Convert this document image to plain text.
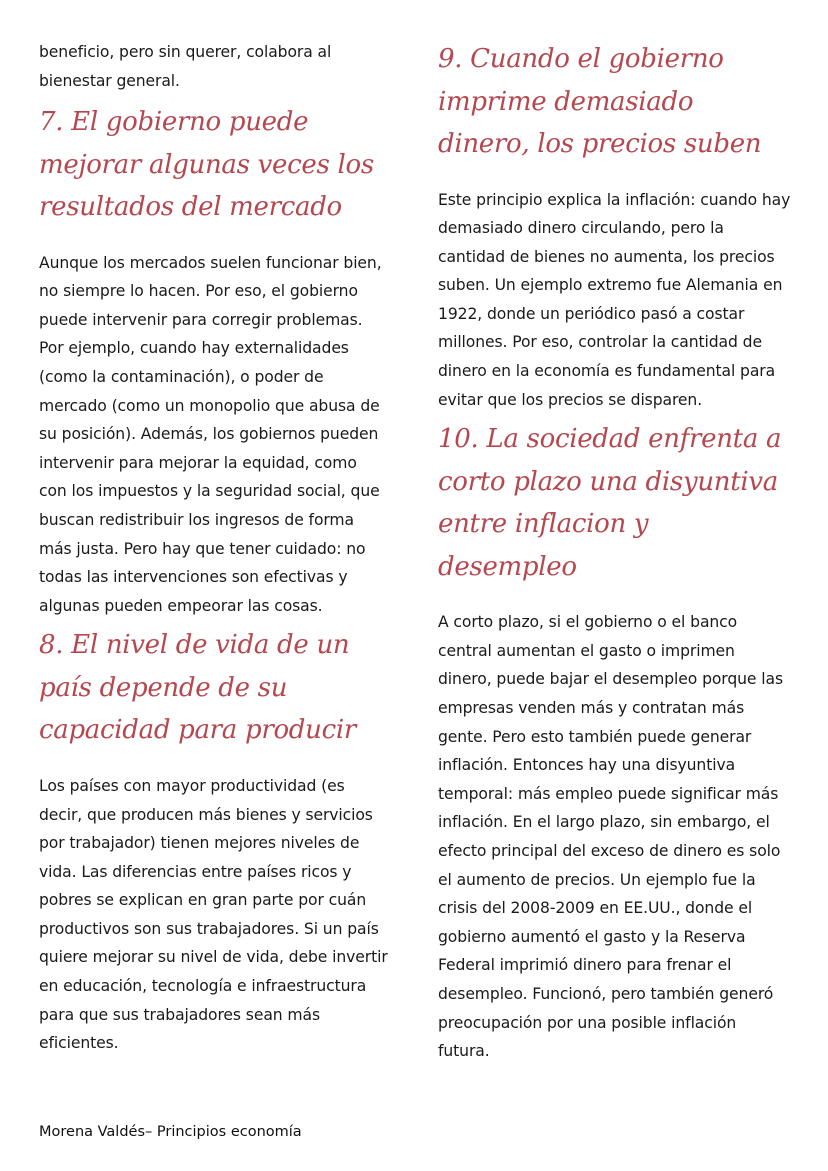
beneficio, pero sin querer, colabora al bienestar general.

7. El gobierno puede mejorar algunas veces los resultados del mercado

Aunque los mercados suelen funcionar bien, no siempre lo hacen. Por eso, el gobierno puede intervenir para corregir problemas. Por ejemplo, cuando hay externalidades (como la contaminación), o poder de mercado (como un monopolio que abusa de su posición). Además, los gobiernos pueden intervenir para mejorar la equidad, como con los impuestos y la seguridad social, que buscan redistribuir los ingresos de forma más justa. Pero hay que tener cuidado: no todas las intervenciones son efectivas y algunas pueden empeorar las cosas.

8. El nivel de vida de un país depende de su capacidad para producir

Los países con mayor productividad (es decir, que producen más bienes y servicios por trabajador) tienen mejores niveles de vida. Las diferencias entre países ricos y pobres se explican en gran parte por cuán productivos son sus trabajadores. Si un país quiere mejorar su nivel de vida, debe invertir en educación, tecnología e infraestructura para que sus trabajadores sean más eficientes.

9. Cuando el gobierno imprime demasiado dinero, los precios suben

Este principio explica la inflación: cuando hay demasiado dinero circulando, pero la cantidad de bienes no aumenta, los precios suben. Un ejemplo extremo fue Alemania en 1922, donde un periódico pasó a costar millones. Por eso, controlar la cantidad de dinero en la economía es fundamental para evitar que los precios se disparen.

10. La sociedad enfrenta a corto plazo una disyuntiva entre inflacion y desempleo

A corto plazo, si el gobierno o el banco central aumentan el gasto o imprimen dinero, puede bajar el desempleo porque las empresas venden más y contratan más gente. Pero esto también puede generar inflación. Entonces hay una disyuntiva temporal: más empleo puede significar más inflación. En el largo plazo, sin embargo, el efecto principal del exceso de dinero es solo el aumento de precios. Un ejemplo fue la crisis del 2008-2009 en EE.UU., donde el gobierno aumentó el gasto y la Reserva Federal imprimió dinero para frenar el desempleo. Funcionó, pero también generó preocupación por una posible inflación futura.

Morena Valdés– Principios economía
